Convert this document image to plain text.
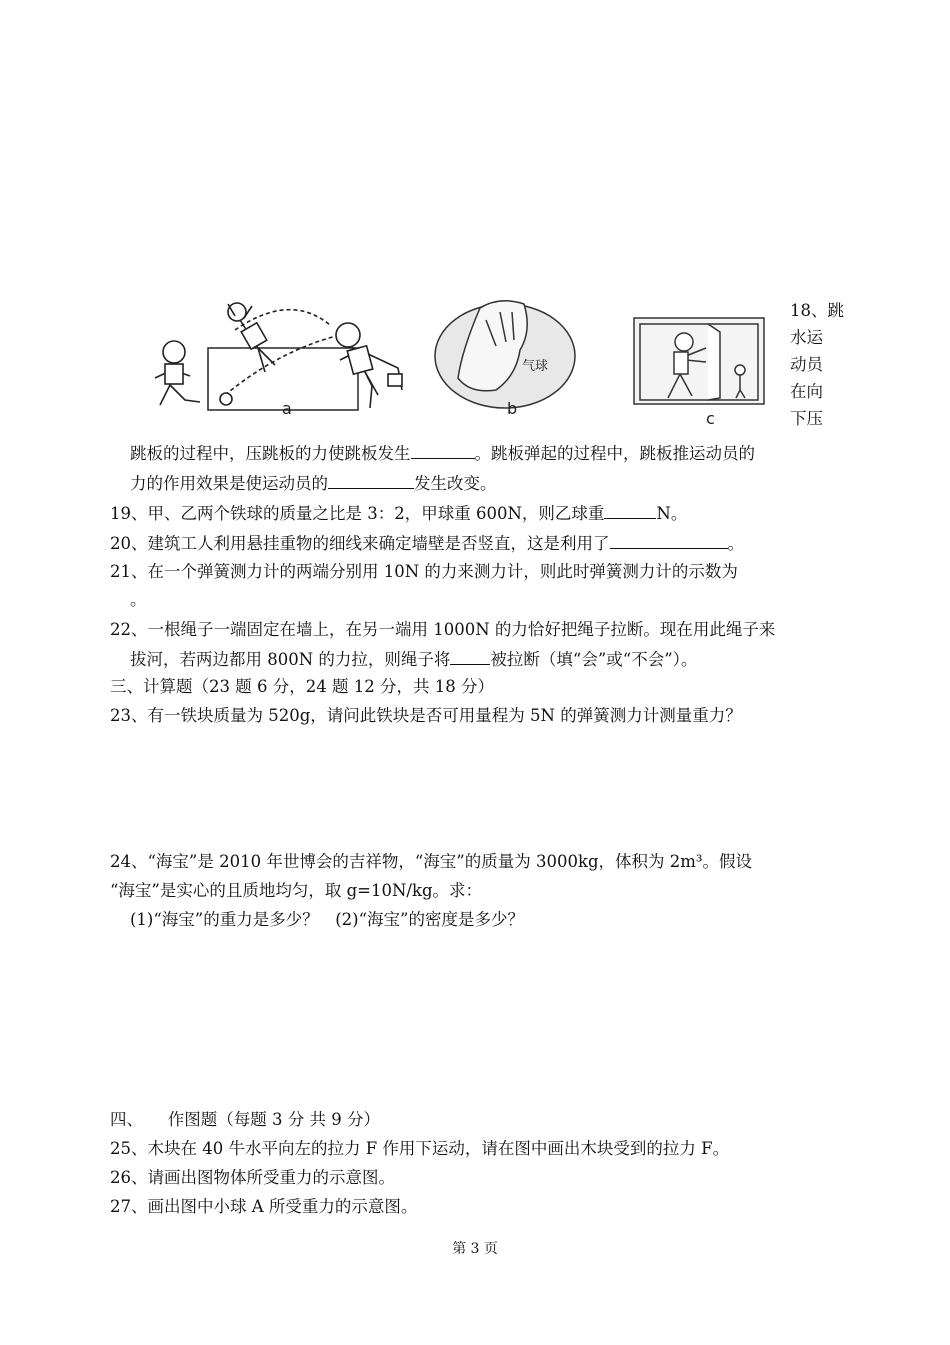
a
气球
b
c
18、跳
水运
动员
在向
下压
跳板的过程中，压跳板的力使跳板发生	。跳板弹起的过程中，跳板推运动员的
力的作用效果是使运动员的	发生改变。
19、甲、乙两个铁球的质量之比是 3：2，甲球重 600N，则乙球重	N。
20、建筑工人利用悬挂重物的细线来确定墙壁是否竖直，这是利用了	。
21、在一个弹簧测力计的两端分别用 10N 的力来测力计，则此时弹簧测力计的示数为
。
22、一根绳子一端固定在墙上，在另一端用 1000N 的力恰好把绳子拉断。现在用此绳子来
拔河，若两边都用 800N 的力拉，则绳子将 被拉断（填“会”或“不会”）。
三、计算题（23 题 6 分，24 题 12 分，共 18 分）
23、有一铁块质量为 520g，请问此铁块是否可用量程为 5N 的弹簧测力计测量重力？
24、“海宝”是 2010 年世博会的吉祥物，“海宝”的质量为 3000kg，体积为 2m³。假设
“海宝”是实心的且质地均匀，取 g=10N/kg。求：
(1)“海宝”的重力是多少？　(2)“海宝”的密度是多少？
四、　　作图题（每题 3 分 共 9 分）
25、木块在 40 牛水平向左的拉力 F 作用下运动，请在图中画出木块受到的拉力 F。
26、请画出图物体所受重力的示意图。
27、画出图中小球 A 所受重力的示意图。
第 3 页
